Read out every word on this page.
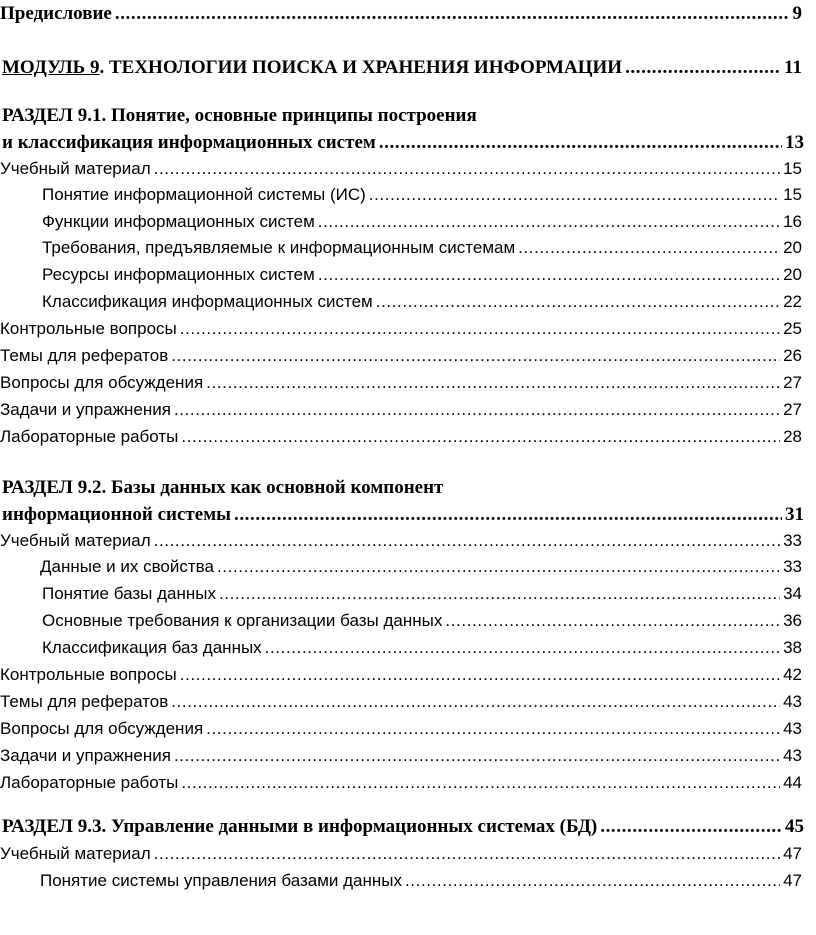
Предисловие .....	9
МОДУЛЬ 9. ТЕХНОЛОГИИ ПОИСКА И ХРАНЕНИЯ ИНФОРМАЦИИ .....	11
РАЗДЕЛ 9.1. Понятие, основные принципы построения
и классификация информационных систем .....	13
Учебный материал .....	15
Понятие информационной системы (ИС) .....	15
Функции информационных систем .....	16
Требования, предъявляемые к информационным системам .....	20
Ресурсы информационных систем .....	20
Классификация информационных систем .....	22
Контрольные вопросы .....	25
Темы для рефератов .....	26
Вопросы для обсуждения .....	27
Задачи и упражнения .....	27
Лабораторные работы .....	28
РАЗДЕЛ 9.2. Базы данных как основной компонент
информационной системы .....	31
Учебный материал .....	33
Данные и их свойства .....	33
Понятие базы данных .....	34
Основные требования к организации базы данных .....	36
Классификация баз данных .....	38
Контрольные вопросы .....	42
Темы для рефератов .....	43
Вопросы для обсуждения .....	43
Задачи и упражнения .....	43
Лабораторные работы .....	44
РАЗДЕЛ 9.3. Управление данными в информационных системах (БД) .....	45
Учебный материал .....	47
Понятие системы управления базами данных .....	47
